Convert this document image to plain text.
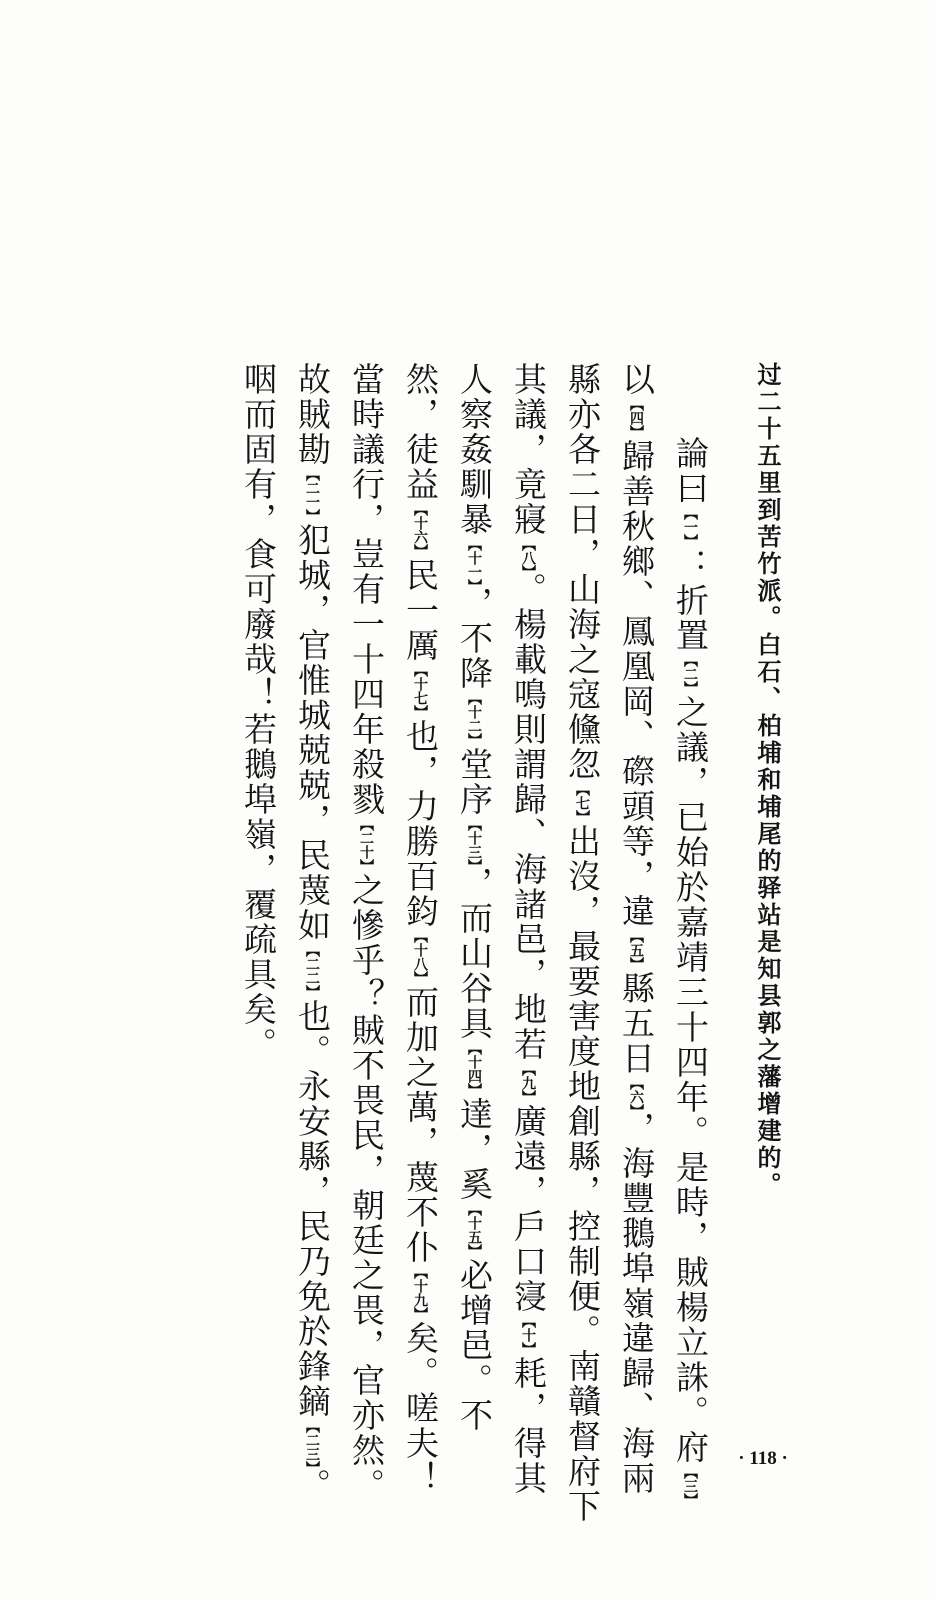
过二十五里到苦竹派。白石、柏埔和埔尾的驿站是知县郭之藩增建的。
論曰【一】：折置【二】之議，已始於嘉靖三十四年。是時，賊楊立誅。府【三】
以【四】歸善秋鄉、鳳凰岡、磜頭等，違【五】縣五日【六】，海豐鵝埠嶺違歸、海兩
縣亦各二日，山海之寇儵忽【七】出沒，最要害度地創縣，控制便。南贛督府下
其議，竟寢【八】。楊載鳴則謂歸、海諸邑，地若【九】廣遠，戶口寖【十】耗，得其
人察姦馴暴【十一】，不降【十二】堂序【十三】，而山谷具【十四】達，奚【十五】必增邑。不
然，徒益【十六】民一厲【十七】也，力勝百鈞【十八】而加之萬，蔑不仆【十九】矣。嗟夫！
當時議行，豈有一十四年殺戮【二十】之慘乎？賊不畏民，朝廷之畏，官亦然。
故賊勘【二一】犯城，官惟城兢兢，民蔑如【二二】也。永安縣，民乃免於鋒鏑【二三】。
咽而固有，食可廢哉！若鵝埠嶺，覆疏具矣。
· 118 ·
